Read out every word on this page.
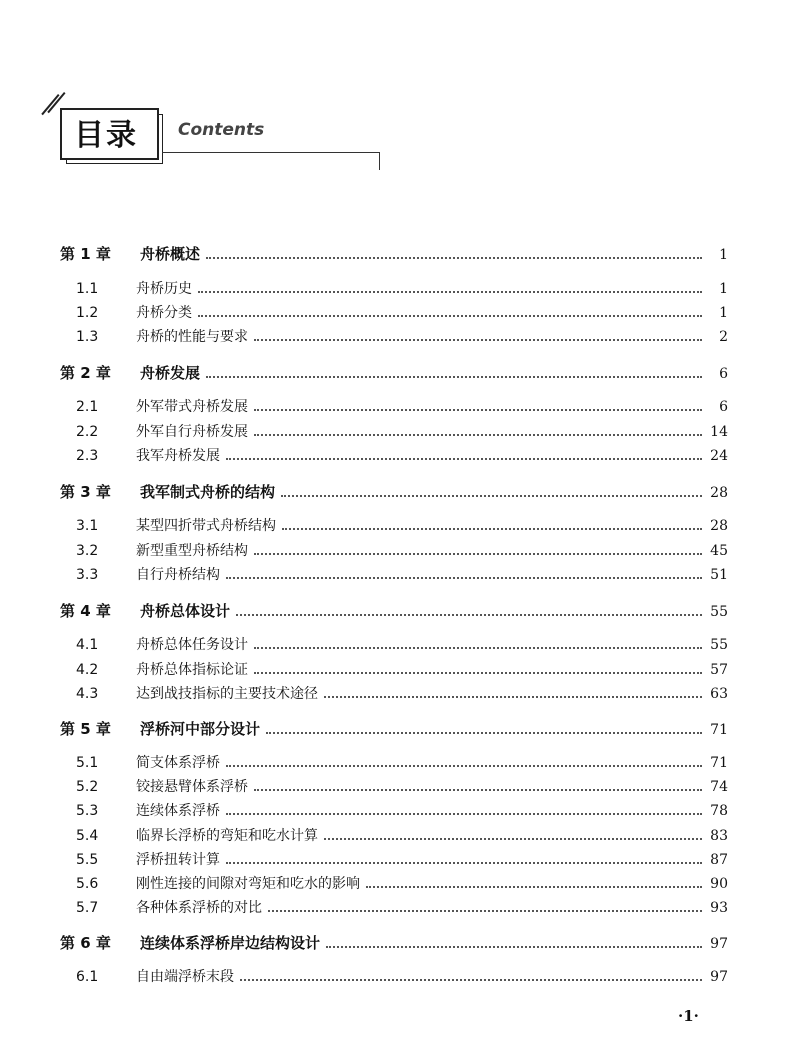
目录 Contents
第 1 章	舟桥概述	1
1.1	舟桥历史	1
1.2	舟桥分类	1
1.3	舟桥的性能与要求	2
第 2 章	舟桥发展	6
2.1	外军带式舟桥发展	6
2.2	外军自行舟桥发展	14
2.3	我军舟桥发展	24
第 3 章	我军制式舟桥的结构	28
3.1	某型四折带式舟桥结构	28
3.2	新型重型舟桥结构	45
3.3	自行舟桥结构	51
第 4 章	舟桥总体设计	55
4.1	舟桥总体任务设计	55
4.2	舟桥总体指标论证	57
4.3	达到战技指标的主要技术途径	63
第 5 章	浮桥河中部分设计	71
5.1	简支体系浮桥	71
5.2	铰接悬臂体系浮桥	74
5.3	连续体系浮桥	78
5.4	临界长浮桥的弯矩和吃水计算	83
5.5	浮桥扭转计算	87
5.6	刚性连接的间隙对弯矩和吃水的影响	90
5.7	各种体系浮桥的对比	93
第 6 章	连续体系浮桥岸边结构设计	97
6.1	自由端浮桥末段	97
·1·
